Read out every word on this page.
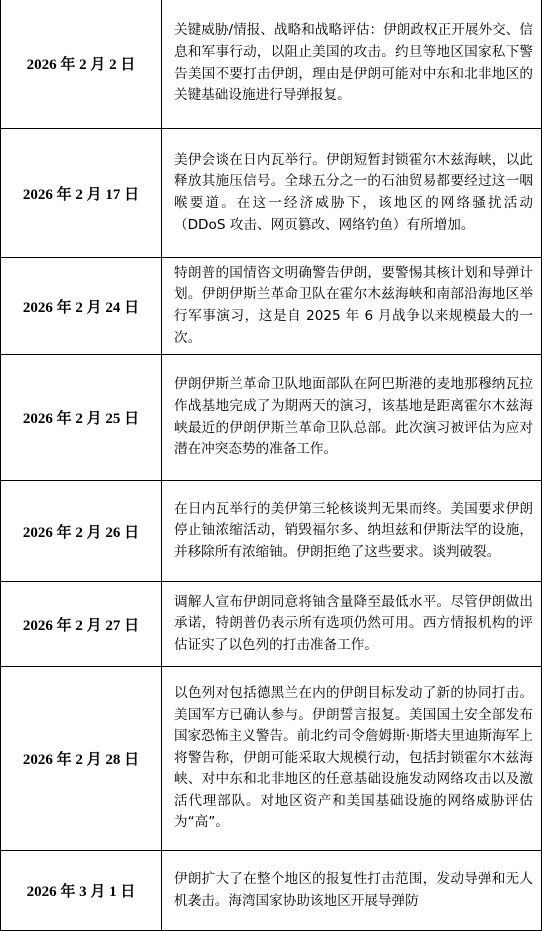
2026 年 2 月 2 日	关键威胁/情报、战略和战略评估：伊朗政权正开展外交、信息和军事行动，以阻止美国的攻击。约旦等地区国家私下警告美国不要打击伊朗，理由是伊朗可能对中东和北非地区的关键基础设施进行导弹报复。
2026 年 2 月 17 日	美伊会谈在日内瓦举行。伊朗短暂封锁霍尔木兹海峡，以此释放其施压信号。全球五分之一的石油贸易都要经过这一咽喉要道。在这一经济威胁下，该地区的网络骚扰活动（DDoS 攻击、网页篡改、网络钓鱼）有所增加。
2026 年 2 月 24 日	特朗普的国情咨文明确警告伊朗，要警惕其核计划和导弹计划。伊朗伊斯兰革命卫队在霍尔木兹海峡和南部沿海地区举行军事演习，这是自 2025 年 6 月战争以来规模最大的一次。
2026 年 2 月 25 日	伊朗伊斯兰革命卫队地面部队在阿巴斯港的麦地那穆纳瓦拉作战基地完成了为期两天的演习，该基地是距离霍尔木兹海峡最近的伊朗伊斯兰革命卫队总部。此次演习被评估为应对潜在冲突态势的准备工作。
2026 年 2 月 26 日	在日内瓦举行的美伊第三轮核谈判无果而终。美国要求伊朗停止铀浓缩活动，销毁福尔多、纳坦兹和伊斯法罕的设施，并移除所有浓缩铀。伊朗拒绝了这些要求。谈判破裂。
2026 年 2 月 27 日	调解人宣布伊朗同意将铀含量降至最低水平。尽管伊朗做出承诺，特朗普仍表示所有选项仍然可用。西方情报机构的评估证实了以色列的打击准备工作。
2026 年 2 月 28 日	以色列对包括德黑兰在内的伊朗目标发动了新的协同打击。美国军方已确认参与。伊朗誓言报复。美国国土安全部发布国家恐怖主义警告。前北约司令詹姆斯·斯塔夫里迪斯海军上将警告称，伊朗可能采取大规模行动，包括封锁霍尔木兹海峡、对中东和北非地区的任意基础设施发动网络攻击以及激活代理部队。对地区资产和美国基础设施的网络威胁评估为“高”。
2026 年 3 月 1 日	伊朗扩大了在整个地区的报复性打击范围，发动导弹和无人机袭击。海湾国家协助该地区开展导弹防
